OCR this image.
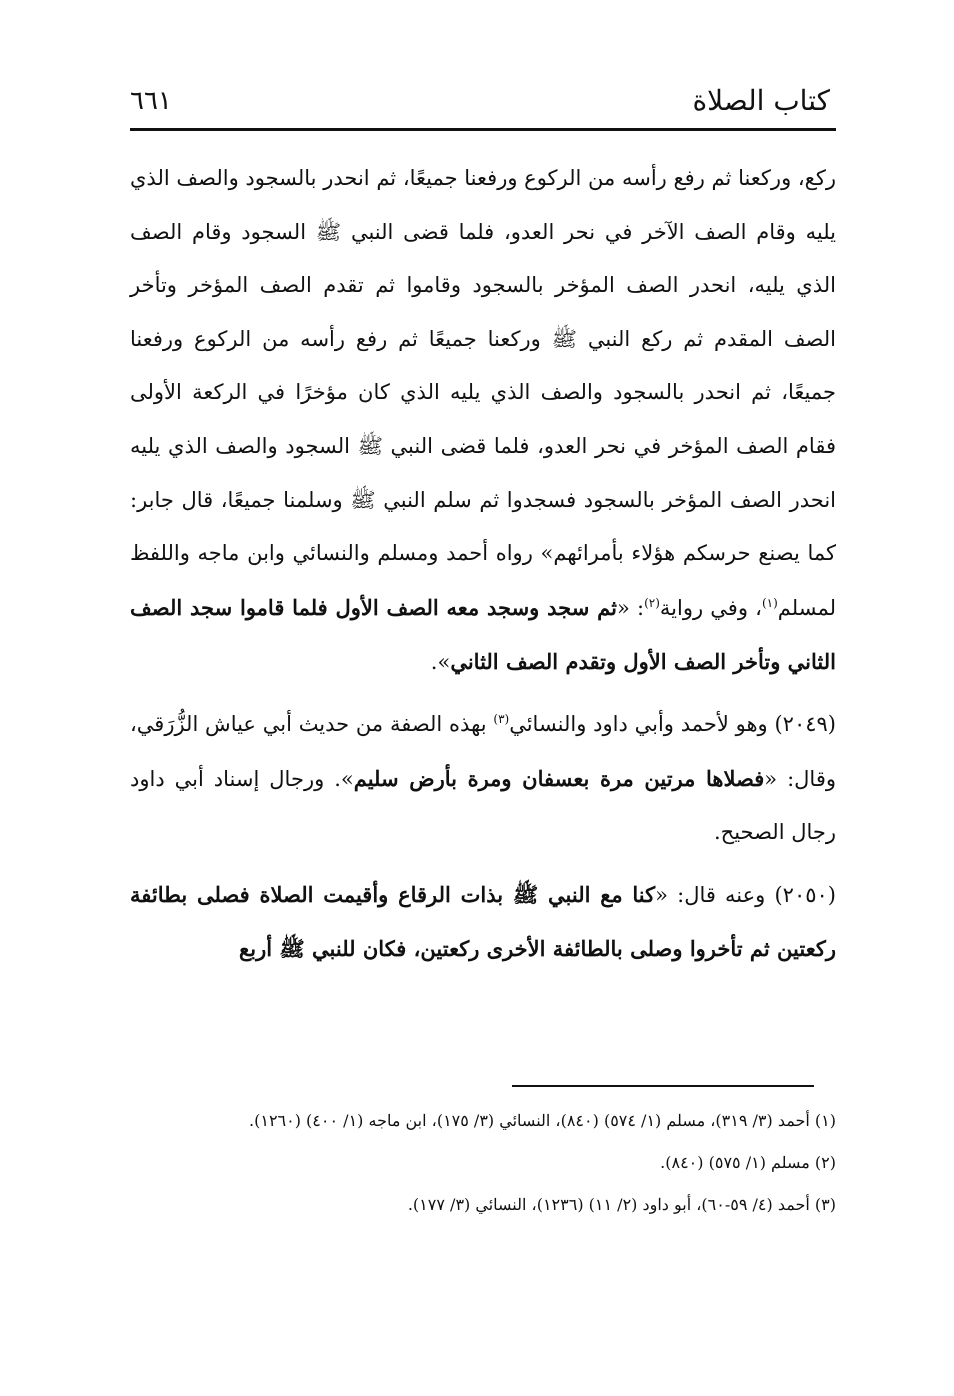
٦٦١	كتاب الصلاة

ركع، وركعنا ثم رفع رأسه من الركوع ورفعنا جميعًا، ثم انحدر بالسجود والصف الذي يليه وقام الصف الآخر في نحر العدو، فلما قضى النبي ﷺ السجود وقام الصف الذي يليه، انحدر الصف المؤخر بالسجود وقاموا ثم تقدم الصف المؤخر وتأخر الصف المقدم ثم ركع النبي ﷺ وركعنا جميعًا ثم رفع رأسه من الركوع ورفعنا جميعًا، ثم انحدر بالسجود والصف الذي يليه الذي كان مؤخرًا في الركعة الأولى فقام الصف المؤخر في نحر العدو، فلما قضى النبي ﷺ السجود والصف الذي يليه انحدر الصف المؤخر بالسجود فسجدوا ثم سلم النبي ﷺ وسلمنا جميعًا، قال جابر: كما يصنع حرسكم هؤلاء بأمرائهم» رواه أحمد ومسلم والنسائي وابن ماجه واللفظ لمسلم$^{(١)}$، وفي رواية$^{(٢)}$: «ثم سجد وسجد معه الصف الأول فلما قاموا سجد الصف الثاني وتأخر الصف الأول وتقدم الصف الثاني».

(٢٠٤٩) وهو لأحمد وأبي داود والنسائي$^{(٣)}$ بهذه الصفة من حديث أبي عياش الزُّرَقي، وقال: «فصلاها مرتين مرة بعسفان ومرة بأرض سليم». ورجال إسناد أبي داود رجال الصحيح.

(٢٠٥٠) وعنه قال: «كنا مع النبي ﷺ بذات الرقاع وأقيمت الصلاة فصلى بطائفة ركعتين ثم تأخروا وصلى بالطائفة الأخرى ركعتين، فكان للنبي ﷺ أربع

(١) أحمد (٣/ ٣١٩)، مسلم (١/ ٥٧٤) (٨٤٠)، النسائي (٣/ ١٧٥)، ابن ماجه (١/ ٤٠٠) (١٢٦٠).

(٢) مسلم (١/ ٥٧٥) (٨٤٠).

(٣) أحمد (٤/ ٥٩-٦٠)، أبو داود (٢/ ١١) (١٢٣٦)، النسائي (٣/ ١٧٧).
